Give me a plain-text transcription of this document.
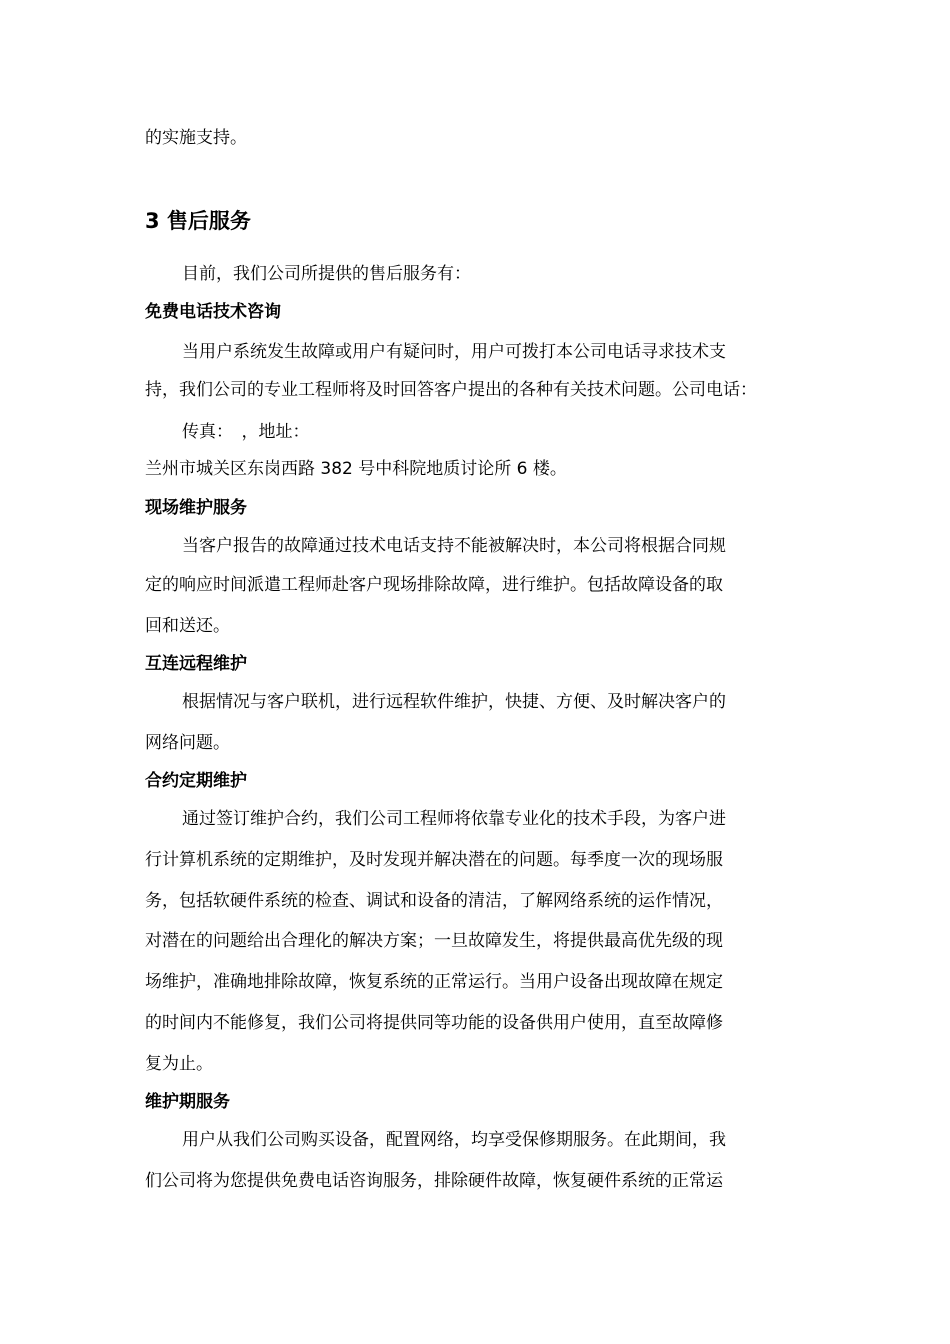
的实施支持。
3 售后服务
目前，我们公司所提供的售后服务有：
免费电话技术咨询
当用户系统发生故障或用户有疑问时，用户可拨打本公司电话寻求技术支
持，我们公司的专业工程师将及时回答客户提出的各种有关技术问题。公司电话：
传真：　，地址：
兰州市城关区东岗西路 382 号中科院地质讨论所 6 楼。
现场维护服务
当客户报告的故障通过技术电话支持不能被解决时，本公司将根据合同规
定的响应时间派遣工程师赴客户现场排除故障，进行维护。包括故障设备的取
回和送还。
互连远程维护
根据情况与客户联机，进行远程软件维护，快捷、方便、及时解决客户的
网络问题。
合约定期维护
通过签订维护合约，我们公司工程师将依靠专业化的技术手段，为客户进
行计算机系统的定期维护，及时发现并解决潜在的问题。每季度一次的现场服
务，包括软硬件系统的检查、调试和设备的清洁，了解网络系统的运作情况，
对潜在的问题给出合理化的解决方案；一旦故障发生，将提供最高优先级的现
场维护，准确地排除故障，恢复系统的正常运行。当用户设备出现故障在规定
的时间内不能修复，我们公司将提供同等功能的设备供用户使用，直至故障修
复为止。
维护期服务
用户从我们公司购买设备，配置网络，均享受保修期服务。在此期间，我
们公司将为您提供免费电话咨询服务，排除硬件故障，恢复硬件系统的正常运
